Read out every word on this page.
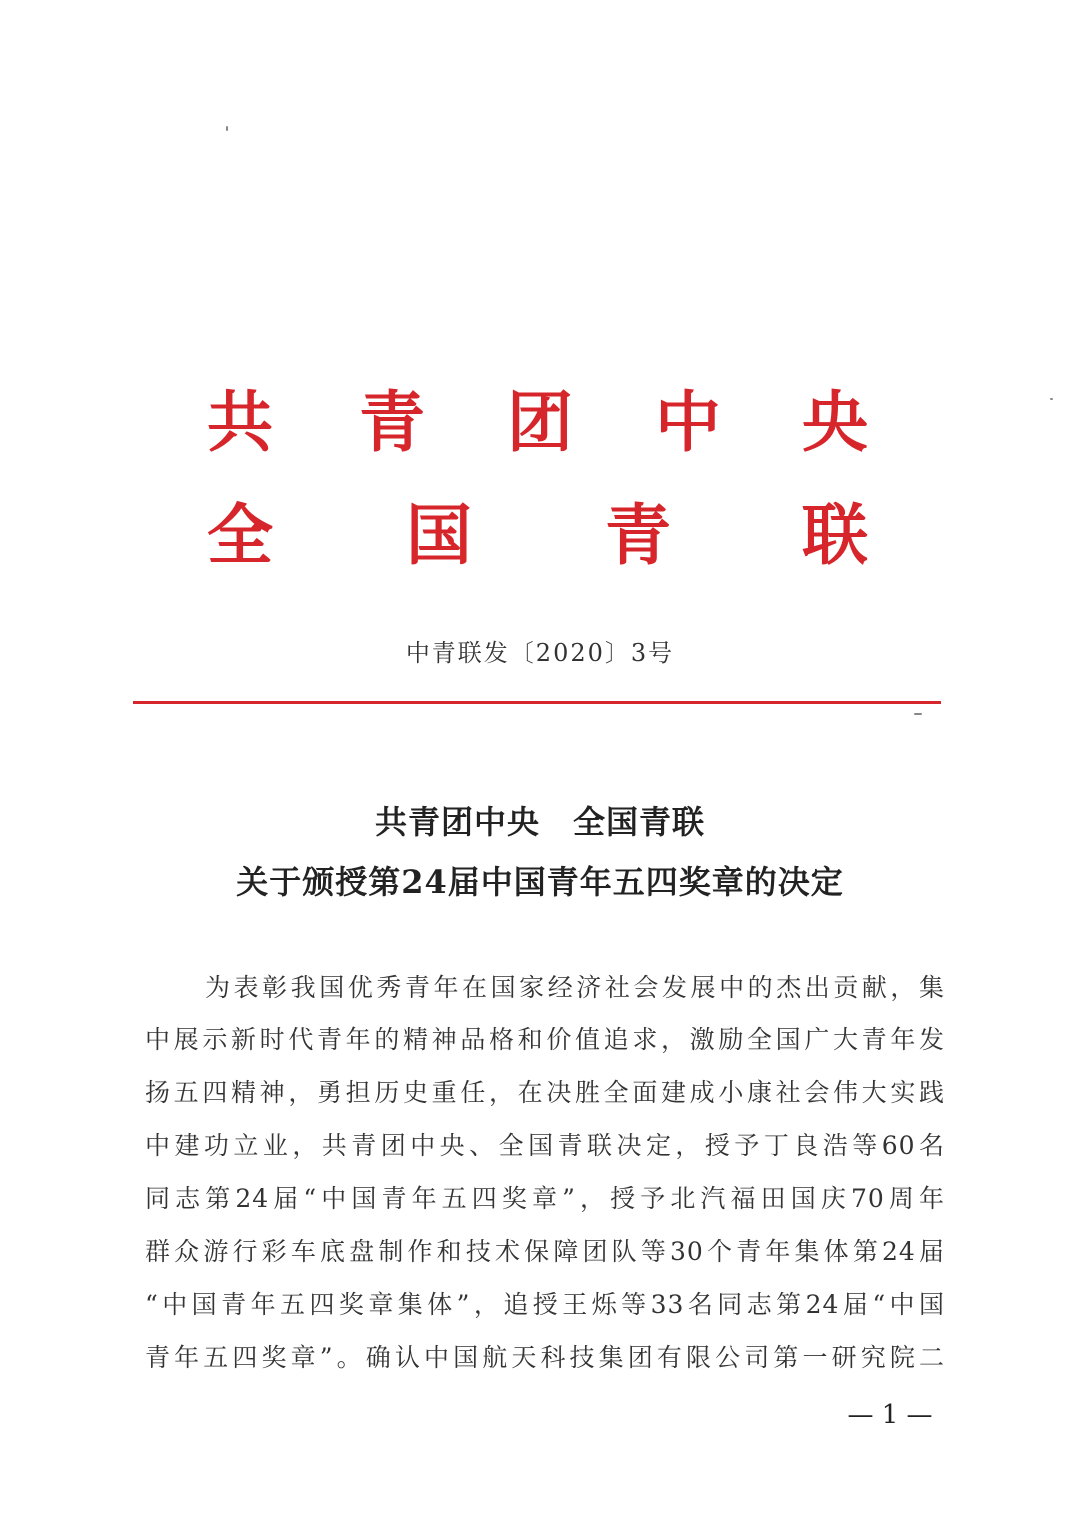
共 青 团 中 央
全 国 青 联
中青联发〔2020〕3号
共青团中央　全国青联
关于颁授第24届中国青年五四奖章的决定
为表彰我国优秀青年在国家经济社会发展中的杰出贡献，集
中展示新时代青年的精神品格和价值追求，激励全国广大青年发
扬五四精神，勇担历史重任，在决胜全面建成小康社会伟大实践
中建功立业，共青团中央、全国青联决定，授予丁良浩等60名
同志第24届“中国青年五四奖章”，授予北汽福田国庆70周年
群众游行彩车底盘制作和技术保障团队等30个青年集体第24届
“中国青年五四奖章集体”，追授王烁等33名同志第24届“中国
青年五四奖章”。确认中国航天科技集团有限公司第一研究院二
— 1 —
